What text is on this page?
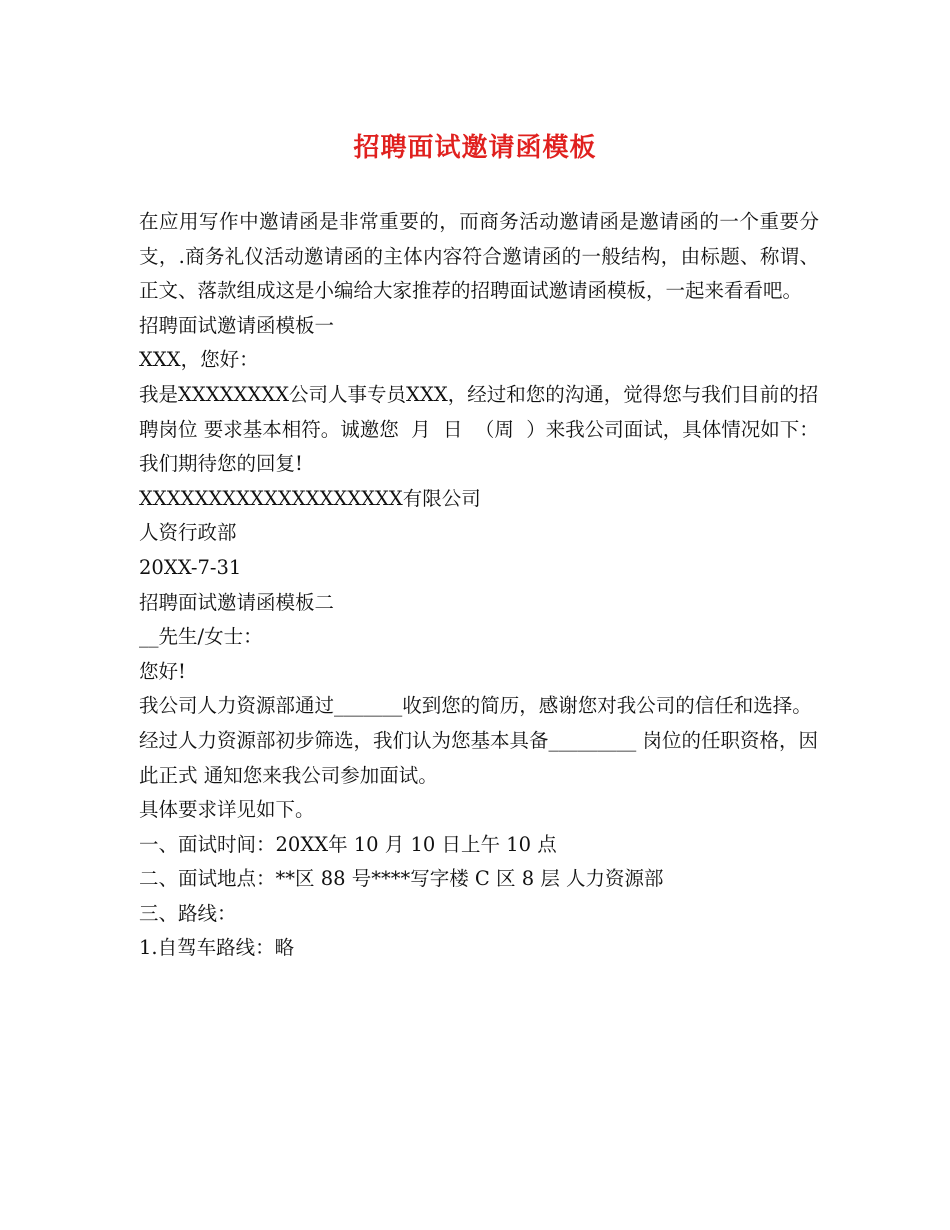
招聘面试邀请函模板

在应用写作中邀请函是非常重要的，而商务活动邀请函是邀请函的一个重要分支，.商务礼仪活动邀请函的主体内容符合邀请函的一般结构，由标题、称谓、正文、落款组成这是小编给大家推荐的招聘面试邀请函模板，一起来看看吧。

招聘面试邀请函模板一

XXX，您好：

我是XXXXXXXX公司人事专员XXX，经过和您的沟通，觉得您与我们目前的招聘岗位 要求基本相符。诚邀您  月  日  （周  ）来我公司面试，具体情况如下：

我们期待您的回复!

XXXXXXXXXXXXXXXXXXX有限公司

人资行政部

20XX-7-31

招聘面试邀请函模板二

__先生/女士：

您好!

我公司人力资源部通过_______收到您的简历，感谢您对我公司的信任和选择。

经过人力资源部初步筛选，我们认为您基本具备_________ 岗位的任职资格，因此正式 通知您来我公司参加面试。

具体要求详见如下。

一、面试时间：20XX年 10 月 10 日上午 10 点

二、面试地点：**区 88 号****写字楼 C 区 8 层 人力资源部

三、路线：

1.自驾车路线：略
